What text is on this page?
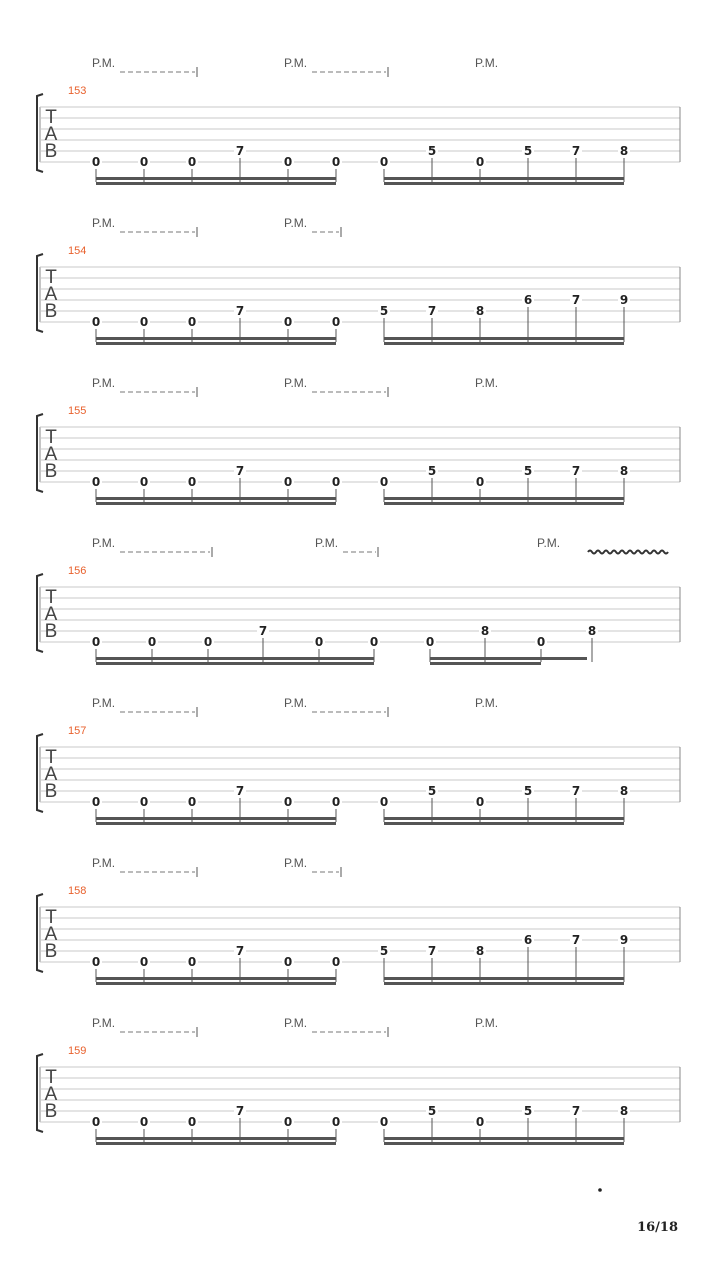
T
A
B
153
P.M.	P.M.	P.M.
0	0	0
7
0	0	0
5
0
5	7	8
T
A
B
154
P.M.	P.M.
0	0	0
7
0	0
5	7	8
6	7	9
T
A
B
155
P.M.	P.M.	P.M.
0	0	0
7
0	0	0
5
0
5	7	8
T
A
B
156
P.M.	P.M.	P.M.
0	0	0
7
0	0	0
8
0
8
T
A
B
157
P.M.	P.M.	P.M.
0	0	0
7
0	0	0
5
0
5	7	8
T
A
B
158
P.M.	P.M.
0	0	0
7
0	0
5	7	8
6	7	9
T
A
B
159
P.M.	P.M.	P.M.
0	0	0
7
0	0	0
5
0
5	7	8
16/18
